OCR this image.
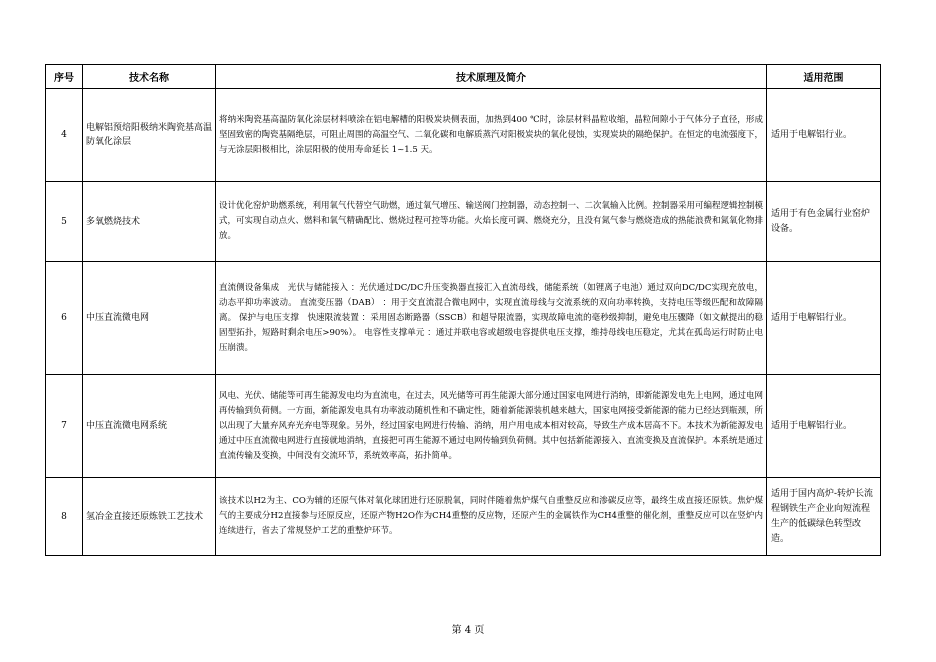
序号	技术名称	技术原理及简介	适用范围
4	电解铝预焙阳极纳米陶瓷基高温防氧化涂层	将纳米陶瓷基高温防氧化涂层材料喷涂在铝电解槽的阳极炭块侧表面，加热到400 ℃时，涂层材料晶粒收缩，晶粒间隙小于气体分子直径，形成坚固致密的陶瓷基隔绝层，可阻止周围的高温空气、二氧化碳和电解质蒸汽对阳极炭块的氧化侵蚀，实现炭块的隔绝保护。在恒定的电流强度下，与无涂层阳极相比，涂层阳极的使用寿命延长 1~1.5 天。	适用于电解铝行业。
5	多氧燃烧技术	设计优化窑炉助燃系统，利用氧气代替空气助燃，通过氧气增压、输送阀门控制器，动态控制一、二次氧输入比例。控制器采用可编程逻辑控制模式，可实现自动点火、燃料和氧气精确配比、燃烧过程可控等功能。火焰长度可调、燃烧充分，且没有氮气参与燃烧造成的热能浪费和氮氧化物排放。	适用于有色金属行业窑炉设备。
6	中压直流微电网	直流侧设备集成　光伏与储能接入 ：光伏通过DC/DC升压变换器直接汇入直流母线，储能系统（如锂离子电池）通过双向DC/DC实现充放电，动态平抑功率波动。 直流变压器（DAB） ：用于交直流混合微电网中，实现直流母线与交流系统的双向功率转换，支持电压等级匹配和故障隔离。 保护与电压支撑　快速限流装置 ：采用固态断路器（SSCB）和超导限流器，实现故障电流的毫秒级抑制，避免电压骤降（如文献提出的稳固型拓扑，短路时剩余电压>90%）。 电容性支撑单元 ：通过并联电容或超级电容提供电压支撑，维持母线电压稳定，尤其在孤岛运行时防止电压崩溃。	适用于电解铝行业。
7	中压直流微电网系统	风电、光伏、储能等可再生能源发电均为直流电，在过去，风光储等可再生能源大部分通过国家电网进行消纳，即新能源发电先上电网，通过电网再传输到负荷侧。一方面，新能源发电具有功率波动随机性和不确定性，随着新能源装机越来越大，国家电网接受新能源的能力已经达到瓶颈，所以出现了大量弃风弃光弃电等现象。另外，经过国家电网进行传输、消纳，用户用电成本相对较高，导致生产成本居高不下。本技术为新能源发电通过中压直流微电网进行直接就地消纳，直接把可再生能源不通过电网传输到负荷侧。其中包括新能源接入、直流变换及直流保护。本系统是通过直流传输及变换，中间没有交流环节，系统效率高，拓扑简单。	适用于电解铝行业。
8	氢冶金直接还原炼铁工艺技术	该技术以H2为主、CO为辅的还原气体对氧化球团进行还原脱氧，同时伴随着焦炉煤气自重整反应和渗碳反应等，最终生成直接还原铁。焦炉煤气的主要成分H2直接参与还原反应，还原产物H2O作为CH4重整的反应物，还原产生的金属铁作为CH4重整的催化剂，重整反应可以在竖炉内连续进行，省去了常规竖炉工艺的重整炉环节。	适用于国内高炉-转炉长流程钢铁生产企业向短流程生产的低碳绿色转型改造。
第 4 页
